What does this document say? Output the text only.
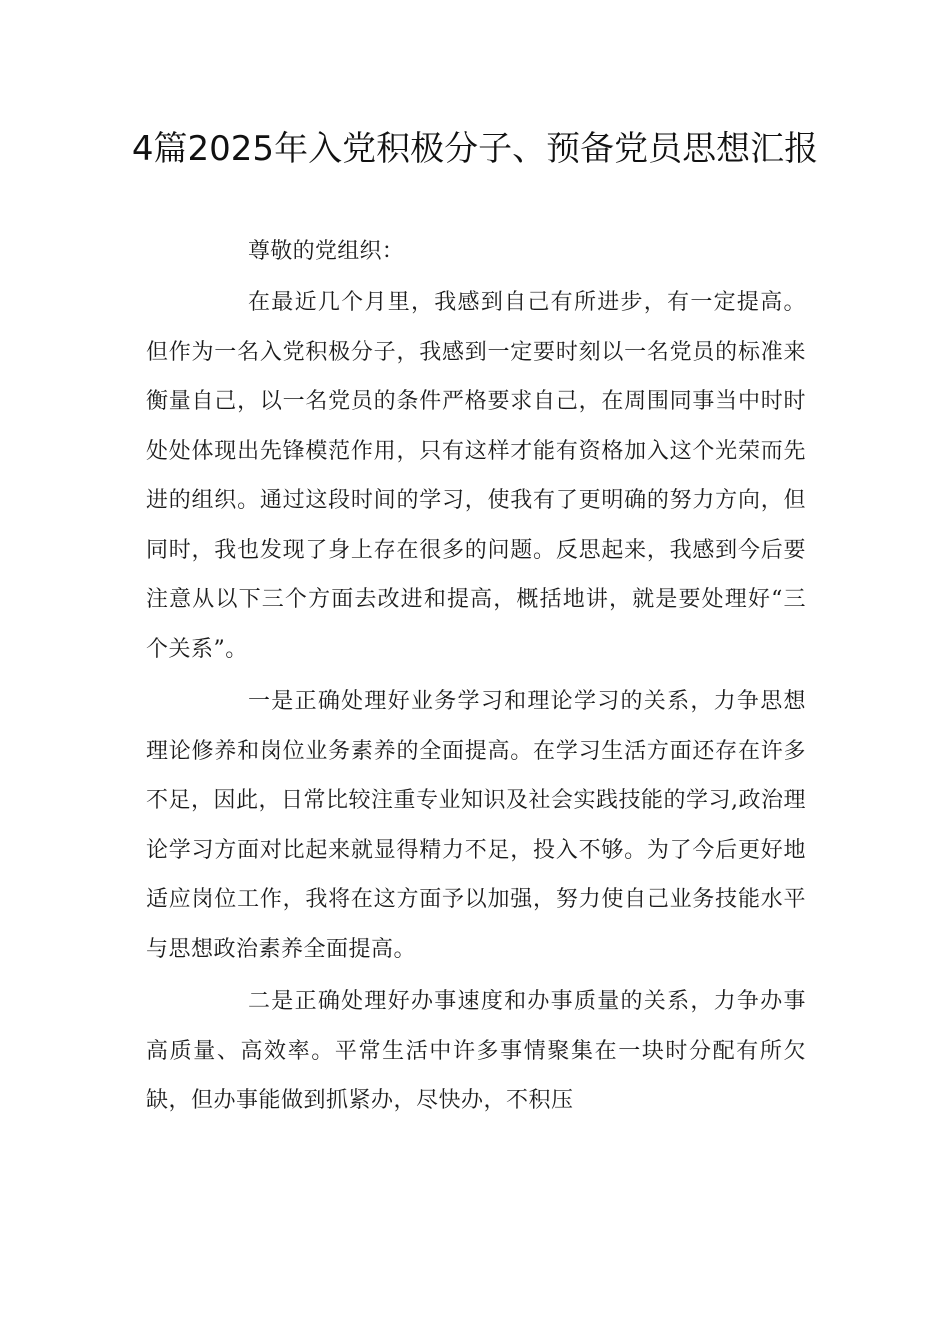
4篇2025年入党积极分子、预备党员思想汇报

尊敬的党组织：

在最近几个月里，我感到自己有所进步，有一定提高。但作为一名入党积极分子，我感到一定要时刻以一名党员的标准来衡量自己，以一名党员的条件严格要求自己，在周围同事当中时时处处体现出先锋模范作用，只有这样才能有资格加入这个光荣而先进的组织。通过这段时间的学习，使我有了更明确的努力方向，但同时，我也发现了身上存在很多的问题。反思起来，我感到今后要注意从以下三个方面去改进和提高，概括地讲，就是要处理好“三个关系”。

一是正确处理好业务学习和理论学习的关系，力争思想理论修养和岗位业务素养的全面提高。在学习生活方面还存在许多不足，因此，日常比较注重专业知识及社会实践技能的学习,政治理论学习方面对比起来就显得精力不足，投入不够。为了今后更好地适应岗位工作，我将在这方面予以加强，努力使自己业务技能水平与思想政治素养全面提高。

二是正确处理好办事速度和办事质量的关系，力争办事高质量、高效率。平常生活中许多事情聚集在一块时分配有所欠缺，但办事能做到抓紧办，尽快办，不积压
